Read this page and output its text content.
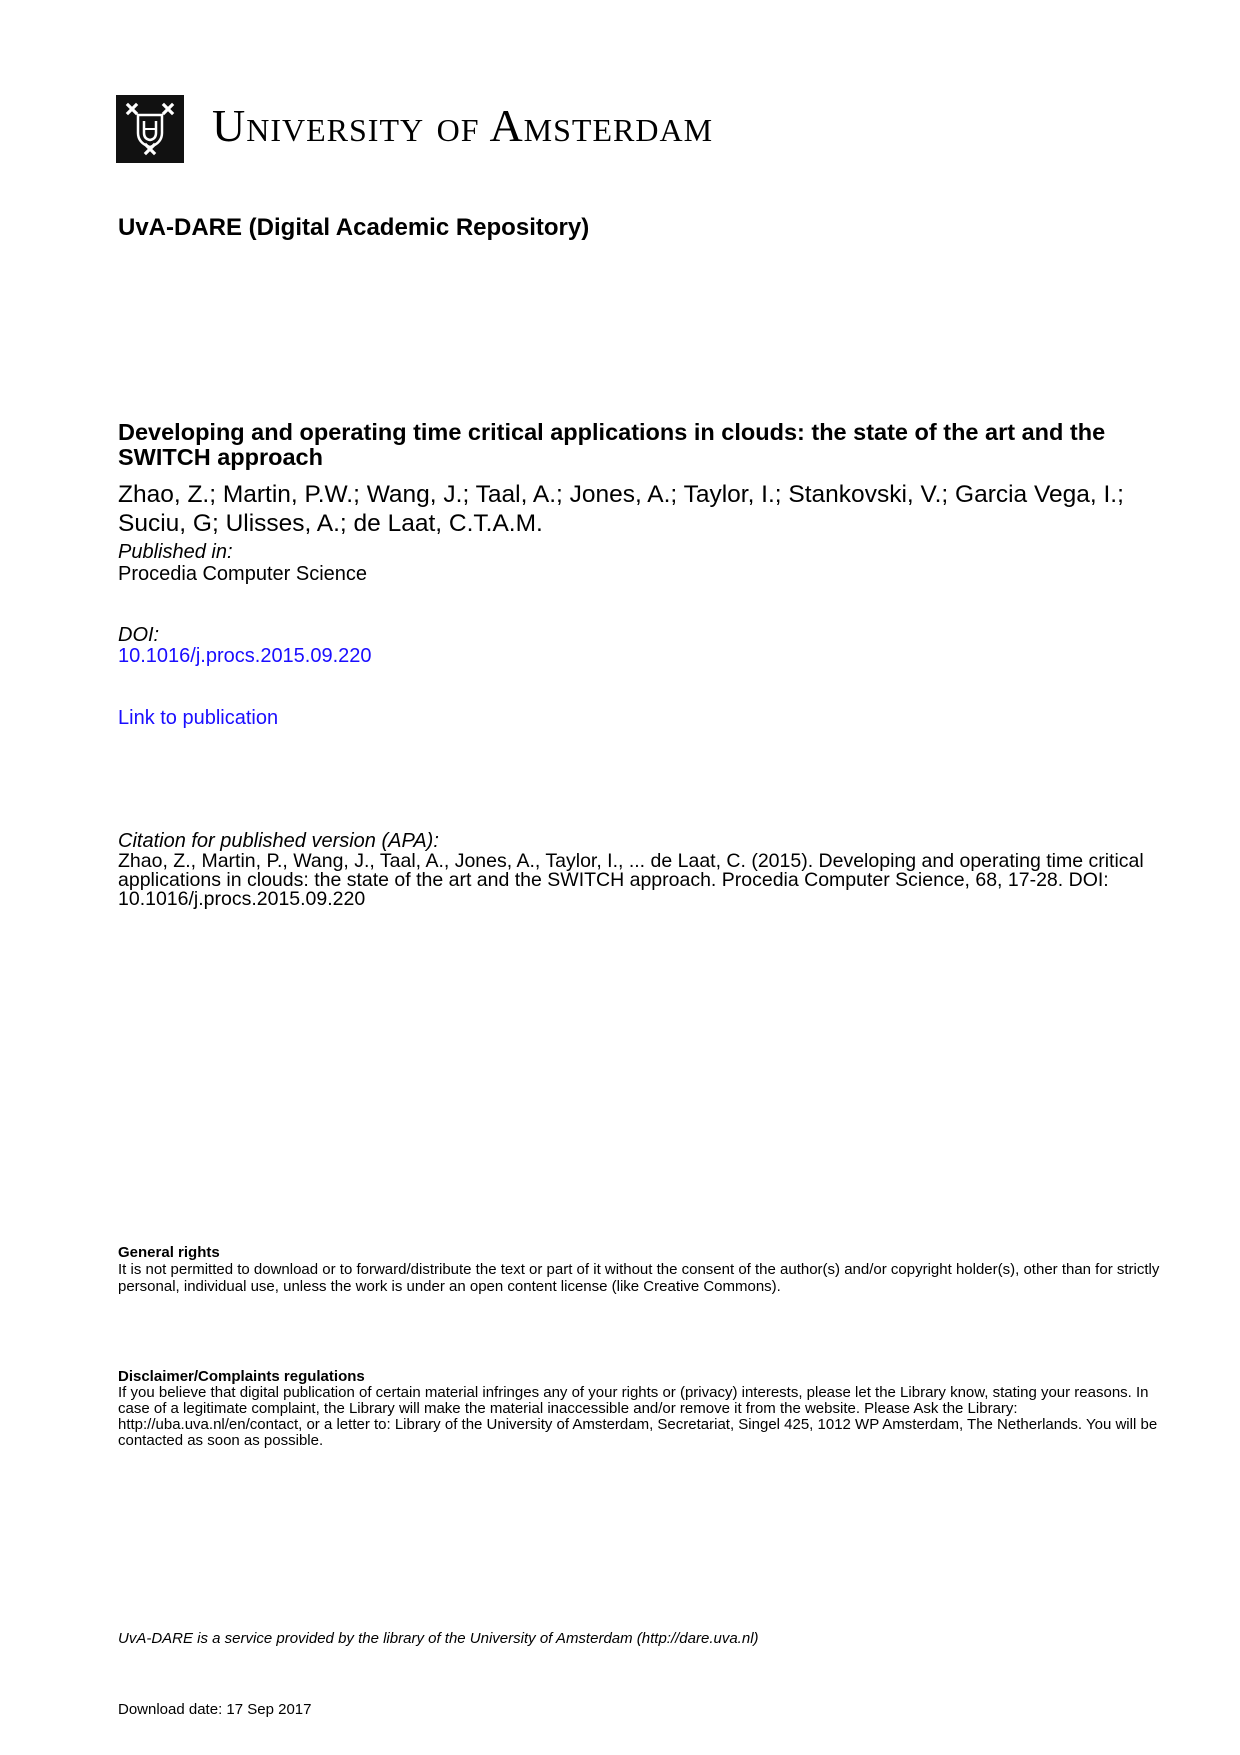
University of Amsterdam
UvA-DARE (Digital Academic Repository)
Developing and operating time critical applications in clouds: the state of the art and the SWITCH approach
Zhao, Z.; Martin, P.W.; Wang, J.; Taal, A.; Jones, A.; Taylor, I.; Stankovski, V.; Garcia Vega, I.; Suciu, G; Ulisses, A.; de Laat, C.T.A.M.
Published in:
Procedia Computer Science
DOI:
10.1016/j.procs.2015.09.220
Link to publication
Citation for published version (APA):
Zhao, Z., Martin, P., Wang, J., Taal, A., Jones, A., Taylor, I., ... de Laat, C. (2015). Developing and operating time critical applications in clouds: the state of the art and the SWITCH approach. Procedia Computer Science, 68, 17-28. DOI: 10.1016/j.procs.2015.09.220
General rights
It is not permitted to download or to forward/distribute the text or part of it without the consent of the author(s) and/or copyright holder(s), other than for strictly personal, individual use, unless the work is under an open content license (like Creative Commons).
Disclaimer/Complaints regulations
If you believe that digital publication of certain material infringes any of your rights or (privacy) interests, please let the Library know, stating your reasons. In case of a legitimate complaint, the Library will make the material inaccessible and/or remove it from the website. Please Ask the Library: http://uba.uva.nl/en/contact, or a letter to: Library of the University of Amsterdam, Secretariat, Singel 425, 1012 WP Amsterdam, The Netherlands. You will be contacted as soon as possible.
UvA-DARE is a service provided by the library of the University of Amsterdam (http://dare.uva.nl)
Download date: 17 Sep 2017
